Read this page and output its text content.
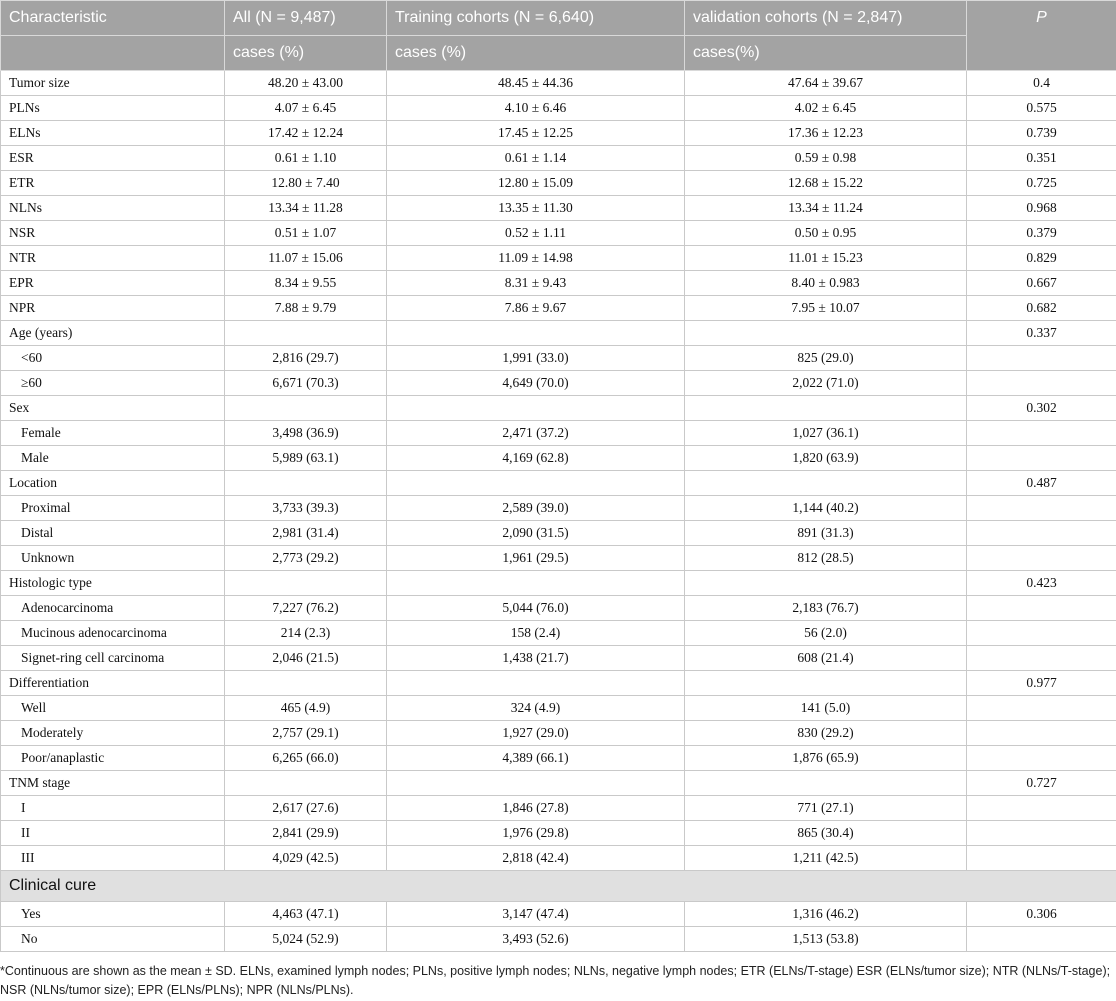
Characteristic	All (N = 9,487)	Training cohorts (N = 6,640)	validation cohorts (N = 2,847)	P
	cases (%)	cases (%)	cases(%)	
Tumor size	48.20 ± 43.00	48.45 ± 44.36	47.64 ± 39.67	0.4
PLNs	4.07 ± 6.45	4.10 ± 6.46	4.02 ± 6.45	0.575
ELNs	17.42 ± 12.24	17.45 ± 12.25	17.36 ± 12.23	0.739
ESR	0.61 ± 1.10	0.61 ± 1.14	0.59 ± 0.98	0.351
ETR	12.80 ± 7.40	12.80 ± 15.09	12.68 ± 15.22	0.725
NLNs	13.34 ± 11.28	13.35 ± 11.30	13.34 ± 11.24	0.968
NSR	0.51 ± 1.07	0.52 ± 1.11	0.50 ± 0.95	0.379
NTR	11.07 ± 15.06	11.09 ± 14.98	11.01 ± 15.23	0.829
EPR	8.34 ± 9.55	8.31 ± 9.43	8.40 ± 0.983	0.667
NPR	7.88 ± 9.79	7.86 ± 9.67	7.95 ± 10.07	0.682
Age (years)				0.337
<60	2,816 (29.7)	1,991 (33.0)	825 (29.0)	
≥60	6,671 (70.3)	4,649 (70.0)	2,022 (71.0)	
Sex				0.302
Female	3,498 (36.9)	2,471 (37.2)	1,027 (36.1)	
Male	5,989 (63.1)	4,169 (62.8)	1,820 (63.9)	
Location				0.487
Proximal	3,733 (39.3)	2,589 (39.0)	1,144 (40.2)	
Distal	2,981 (31.4)	2,090 (31.5)	891 (31.3)	
Unknown	2,773 (29.2)	1,961 (29.5)	812 (28.5)	
Histologic type				0.423
Adenocarcinoma	7,227 (76.2)	5,044 (76.0)	2,183 (76.7)	
Mucinous adenocarcinoma	214 (2.3)	158 (2.4)	56 (2.0)	
Signet-ring cell carcinoma	2,046 (21.5)	1,438 (21.7)	608 (21.4)	
Differentiation				0.977
Well	465 (4.9)	324 (4.9)	141 (5.0)	
Moderately	2,757 (29.1)	1,927 (29.0)	830 (29.2)	
Poor/anaplastic	6,265 (66.0)	4,389 (66.1)	1,876 (65.9)	
TNM stage				0.727
I	2,617 (27.6)	1,846 (27.8)	771 (27.1)	
II	2,841 (29.9)	1,976 (29.8)	865 (30.4)	
III	4,029 (42.5)	2,818 (42.4)	1,211 (42.5)	
Clinical cure				
Yes	4,463 (47.1)	3,147 (47.4)	1,316 (46.2)	0.306
No	5,024 (52.9)	3,493 (52.6)	1,513 (53.8)	
*Continuous are shown as the mean ± SD. ELNs, examined lymph nodes; PLNs, positive lymph nodes; NLNs, negative lymph nodes; ETR (ELNs/T-stage) ESR (ELNs/tumor size); NTR (NLNs/T-stage); NSR (NLNs/tumor size); EPR (ELNs/PLNs); NPR (NLNs/PLNs).
